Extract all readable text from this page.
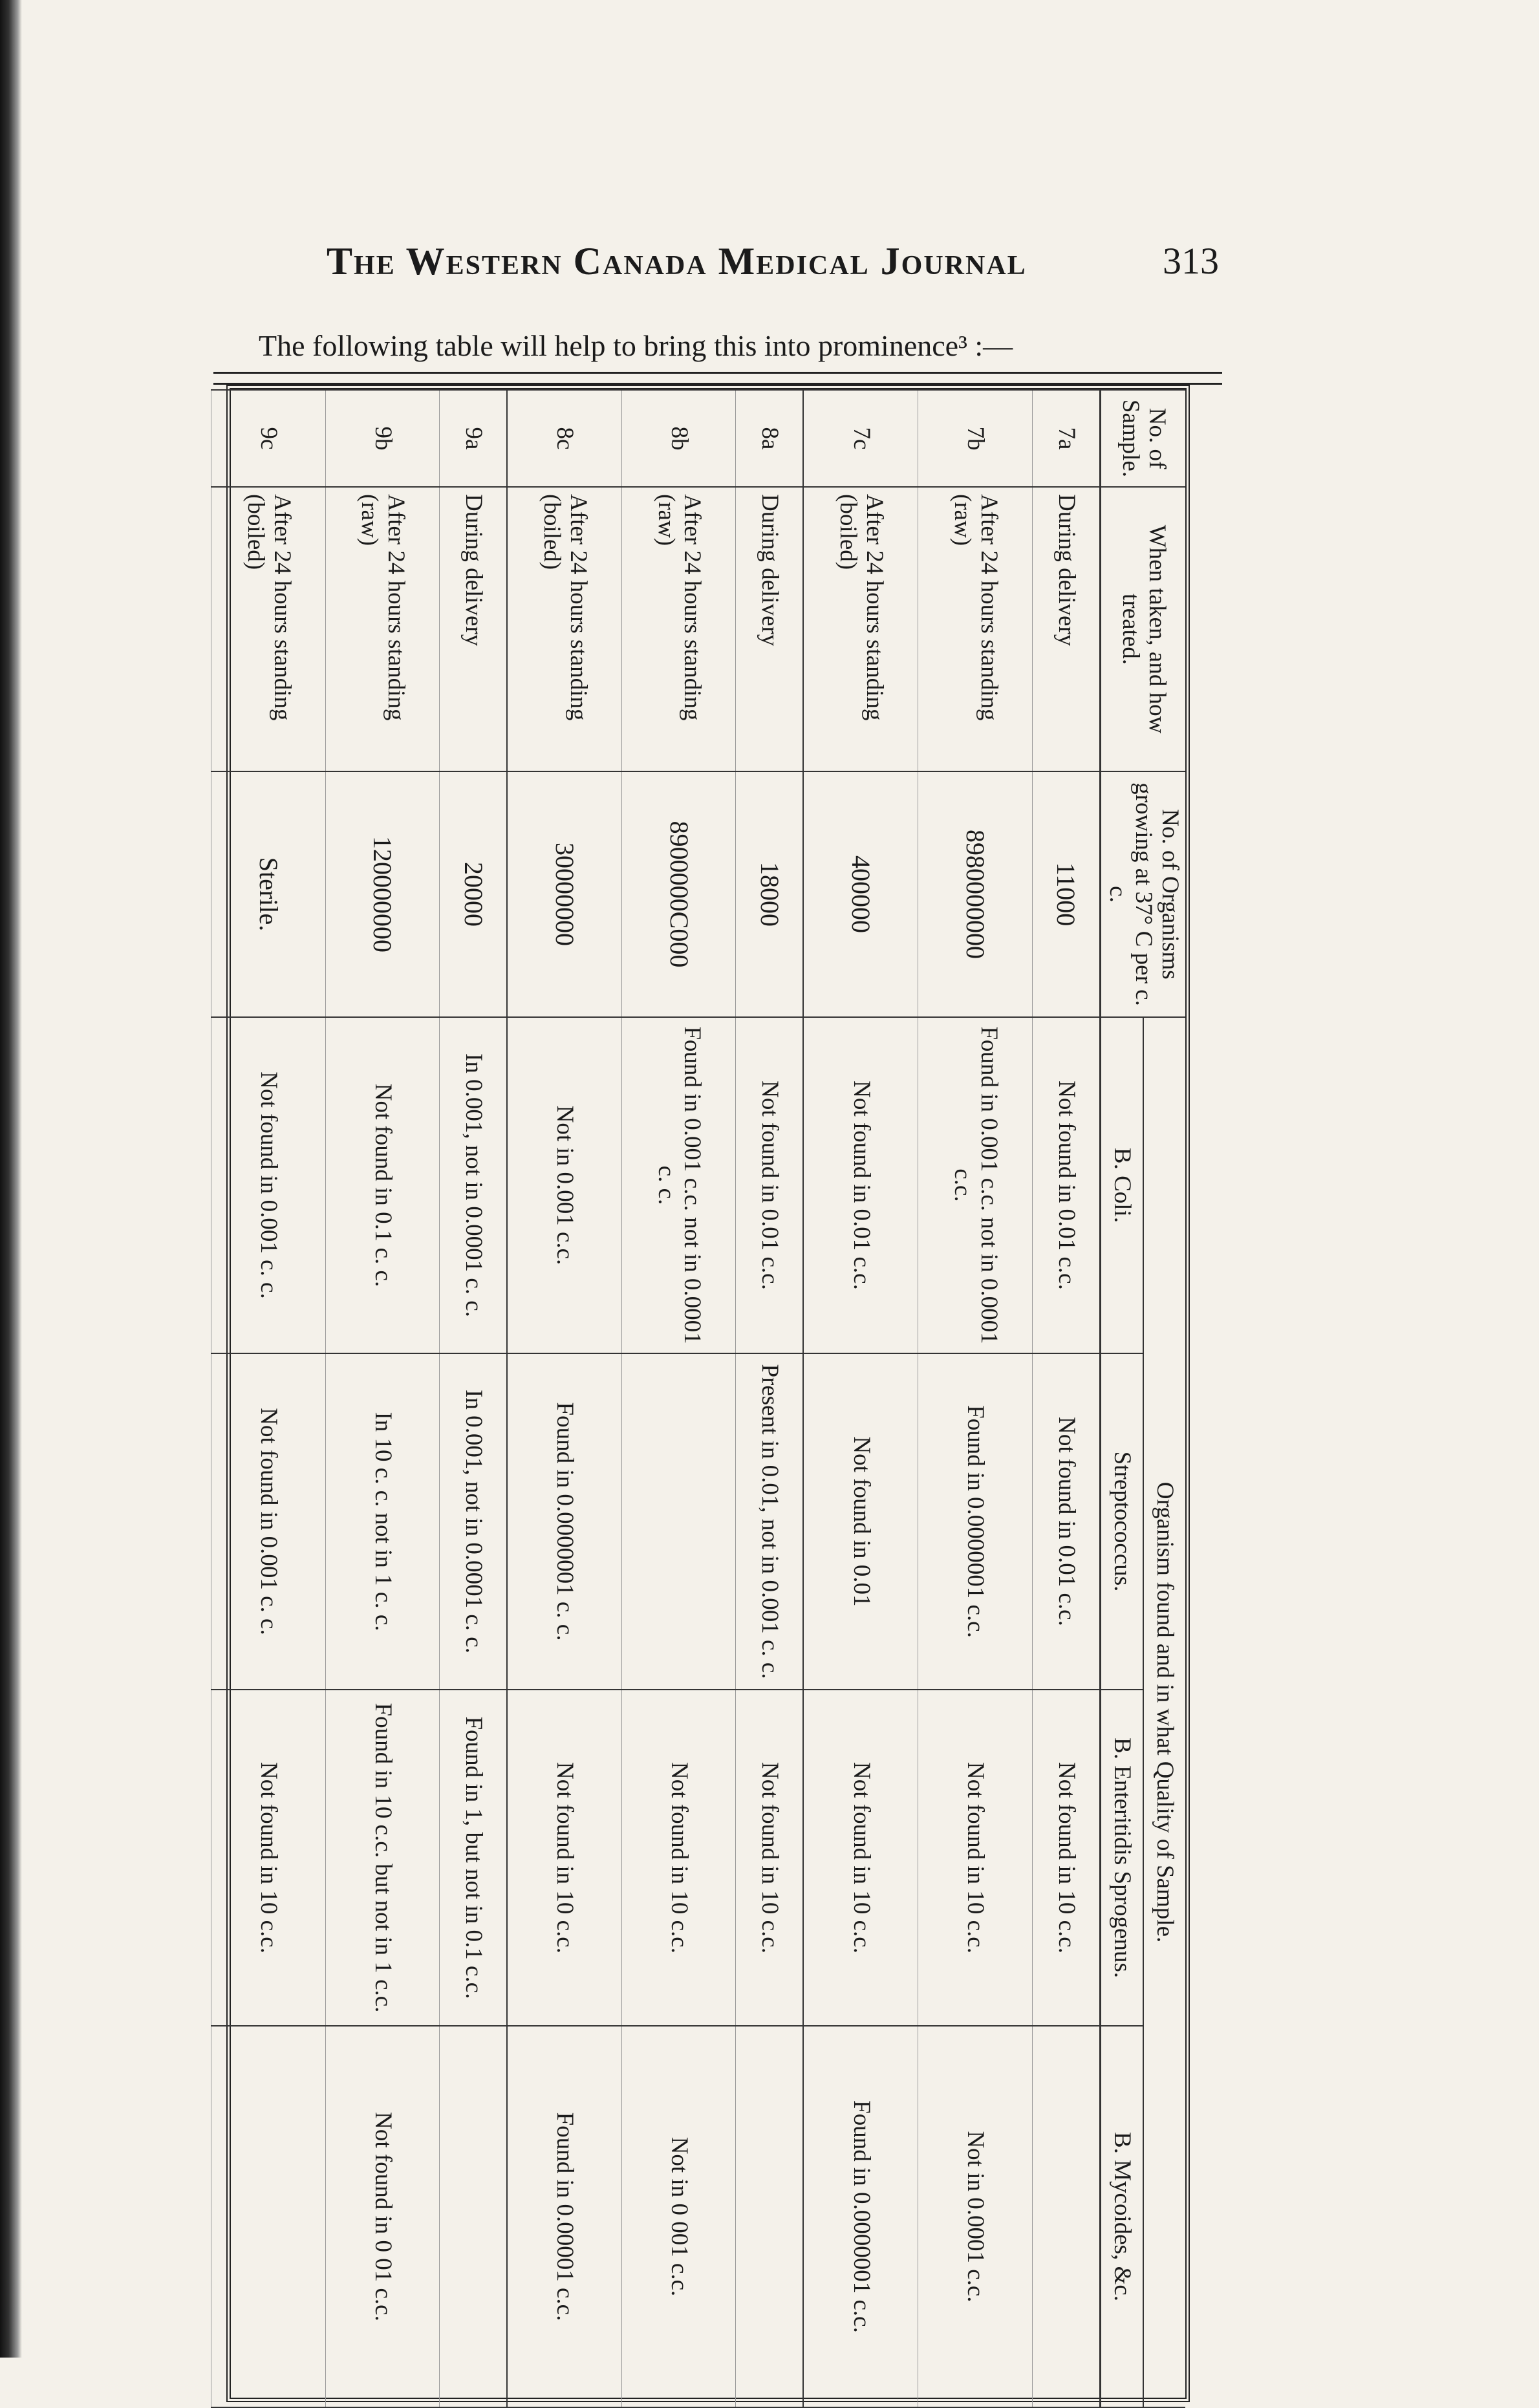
The Western Canada Medical Journal	313
The following table will help to bring this into prominence³ :—
No. of Sample.	When taken, and how treated.	No. of Organisms growing at 37° C per c. c.	Organism found and in what Quality of Sample.			
			B. Coli.	Streptococcus.	B. Enteritidis Sprogenus.	B. Mycoides, &c.
7a	During delivery	11000	Not found in 0.01 c.c.	Not found in 0.01 c.c.	Not found in 10 c.c.	
7b	After 24 hours standing (raw)	8980000000	Found in 0.001 c.c. not in 0.0001 c.c.	Found in 0.0000001 c.c.	Not found in 10 c.c.	Not in 0.0001 c.c.
7c	After 24 hours standing (boiled)	400000	Not found in 0.01 c.c.	Not found in 0.01	Not found in 10 c.c.	Found in 0.0000001 c.c.
8a	During delivery	18000	Not found in 0.01 c.c.	Present in 0.01, not in 0.001 c. c.	Not found in 10 c.c.	
8b	After 24 hours standing (raw)	8900000C000	Found in 0.001 c.c. not in 0.0001 c. c.		Not found in 10 c.c.	Not in 0 001 c.c.
8c	After 24 hours standing (boiled)	30000000	Not in 0.001 c.c.	Found in 0.0000001 c. c.	Not found in 10 c.c.	Found in 0.00001 c.c.
9a	During delivery	20000	In 0.001, not in 0.0001 c. c.	In 0.001, not in 0.0001 c. c.	Found in 1, but not in 0.1 c.c.	
9b	After 24 hours standing (raw)	120000000	Not found in 0.1 c. c.	In 10 c. c. not in 1 c. c.	Found in 10 c.c. but not in 1 c.c.	Not found in 0 01 c.c.
9c	After 24 hours standing (boiled)	Sterile.	Not found in 0.001 c. c.	Not found in 0.001 c. c.	Not found in 10 c.c.	
